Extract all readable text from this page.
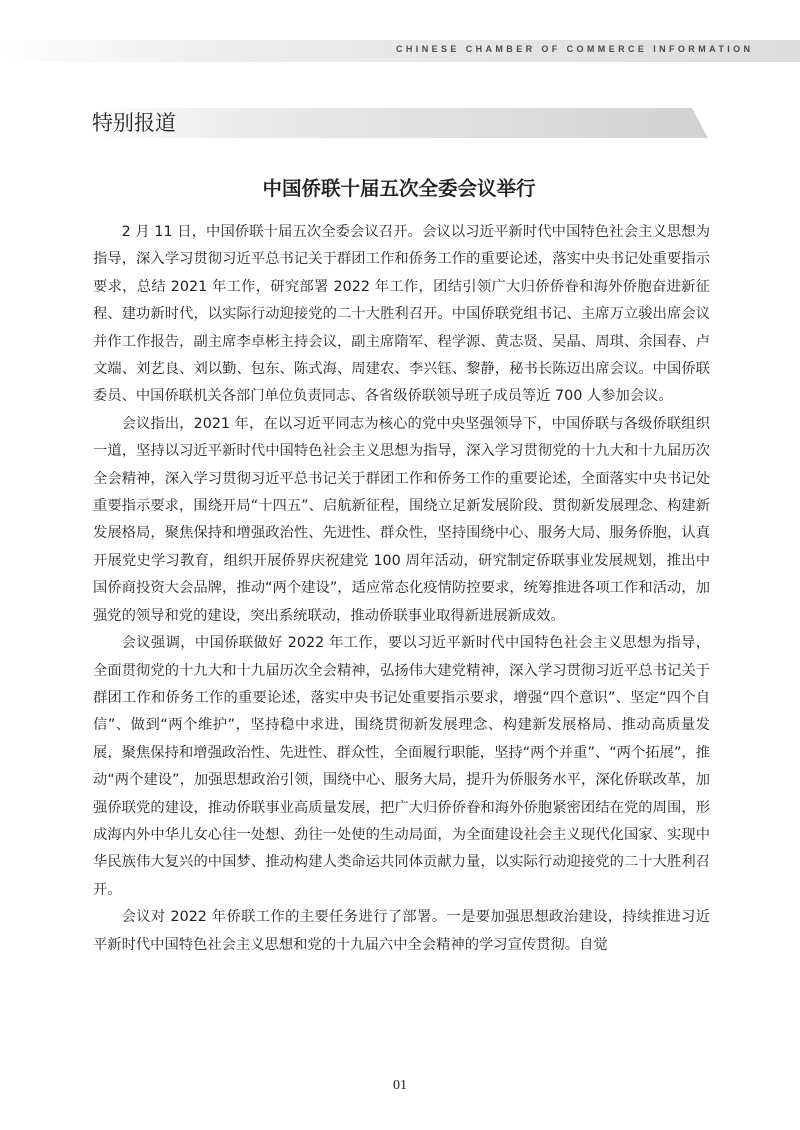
CHINESE CHAMBER OF COMMERCE INFORMATION
特别报道
中国侨联十届五次全委会议举行

2 月 11 日，中国侨联十届五次全委会议召开。会议以习近平新时代中国特色社会主义思想为指导，深入学习贯彻习近平总书记关于群团工作和侨务工作的重要论述，落实中央书记处重要指示要求，总结 2021 年工作，研究部署 2022 年工作，团结引领广大归侨侨眷和海外侨胞奋进新征程、建功新时代，以实际行动迎接党的二十大胜利召开。中国侨联党组书记、主席万立骏出席会议并作工作报告，副主席李卓彬主持会议，副主席隋军、程学源、黄志贤、吴晶、周琪、余国春、卢文端、刘艺良、刘以勤、包东、陈式海、周建农、李兴钰、黎静，秘书长陈迈出席会议。中国侨联委员、中国侨联机关各部门单位负责同志、各省级侨联领导班子成员等近 700 人参加会议。

会议指出，2021 年，在以习近平同志为核心的党中央坚强领导下，中国侨联与各级侨联组织一道，坚持以习近平新时代中国特色社会主义思想为指导，深入学习贯彻党的十九大和十九届历次全会精神，深入学习贯彻习近平总书记关于群团工作和侨务工作的重要论述，全面落实中央书记处重要指示要求，围绕开局“十四五”、启航新征程，围绕立足新发展阶段、贯彻新发展理念、构建新发展格局，聚焦保持和增强政治性、先进性、群众性，坚持围绕中心、服务大局、服务侨胞，认真开展党史学习教育，组织开展侨界庆祝建党 100 周年活动，研究制定侨联事业发展规划，推出中国侨商投资大会品牌，推动“两个建设”，适应常态化疫情防控要求，统筹推进各项工作和活动，加强党的领导和党的建设，突出系统联动，推动侨联事业取得新进展新成效。

会议强调，中国侨联做好 2022 年工作，要以习近平新时代中国特色社会主义思想为指导，全面贯彻党的十九大和十九届历次全会精神，弘扬伟大建党精神，深入学习贯彻习近平总书记关于群团工作和侨务工作的重要论述，落实中央书记处重要指示要求，增强“四个意识”、坚定“四个自信”、做到“两个维护”，坚持稳中求进，围绕贯彻新发展理念、构建新发展格局、推动高质量发展，聚焦保持和增强政治性、先进性、群众性，全面履行职能，坚持“两个并重”、“两个拓展”，推动“两个建设”，加强思想政治引领，围绕中心、服务大局，提升为侨服务水平，深化侨联改革，加强侨联党的建设，推动侨联事业高质量发展，把广大归侨侨眷和海外侨胞紧密团结在党的周围，形成海内外中华儿女心往一处想、劲往一处使的生动局面，为全面建设社会主义现代化国家、实现中华民族伟大复兴的中国梦、推动构建人类命运共同体贡献力量，以实际行动迎接党的二十大胜利召开。

会议对 2022 年侨联工作的主要任务进行了部署。一是要加强思想政治建设，持续推进习近平新时代中国特色社会主义思想和党的十九届六中全会精神的学习宣传贯彻。自觉

01
